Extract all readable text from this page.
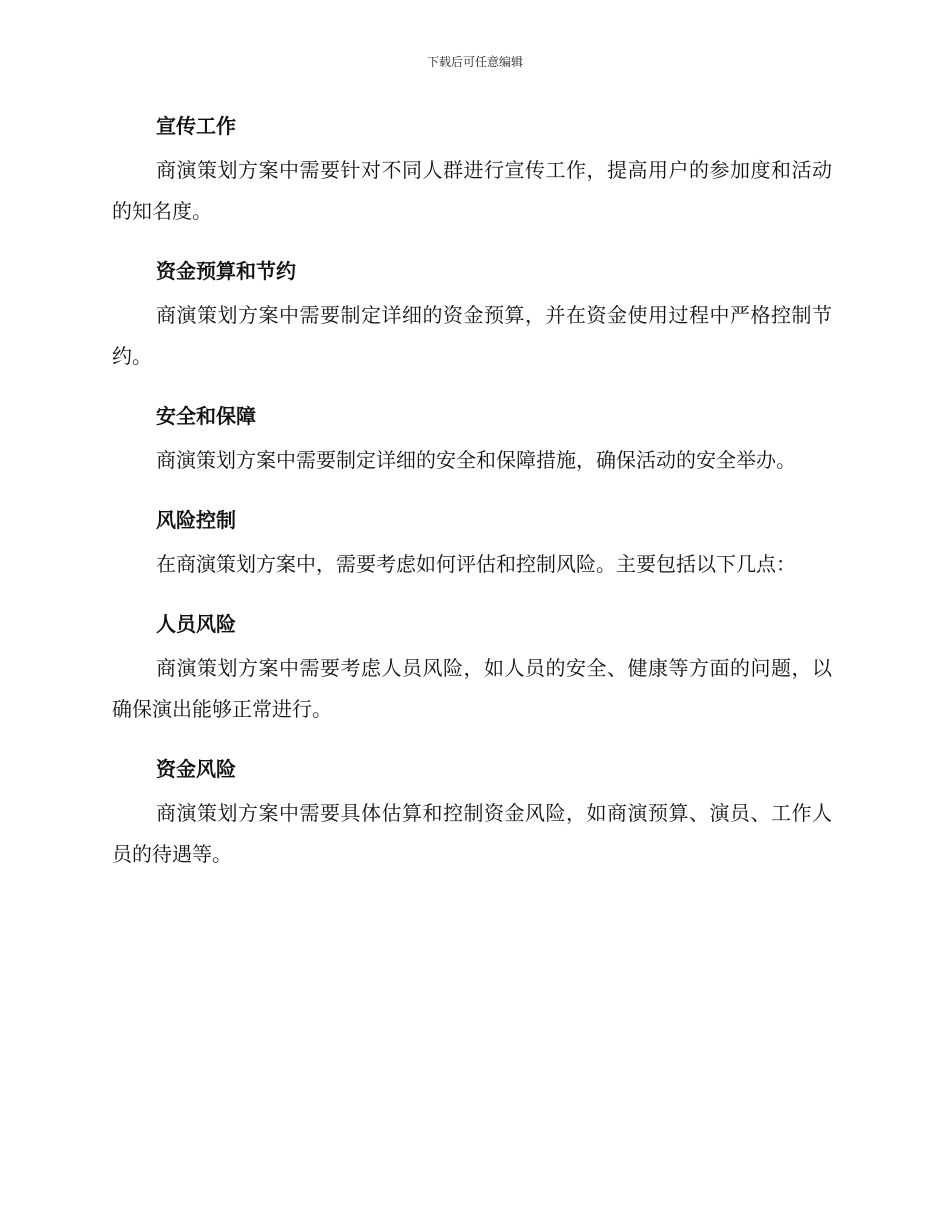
下载后可任意编辑
宣传工作

商演策划方案中需要针对不同人群进行宣传工作，提高用户的参加度和活动的知名度。

资金预算和节约

商演策划方案中需要制定详细的资金预算，并在资金使用过程中严格控制节约。

安全和保障

商演策划方案中需要制定详细的安全和保障措施，确保活动的安全举办。

风险控制

在商演策划方案中，需要考虑如何评估和控制风险。主要包括以下几点：

人员风险

商演策划方案中需要考虑人员风险，如人员的安全、健康等方面的问题，以确保演出能够正常进行。

资金风险

商演策划方案中需要具体估算和控制资金风险，如商演预算、演员、工作人员的待遇等。
